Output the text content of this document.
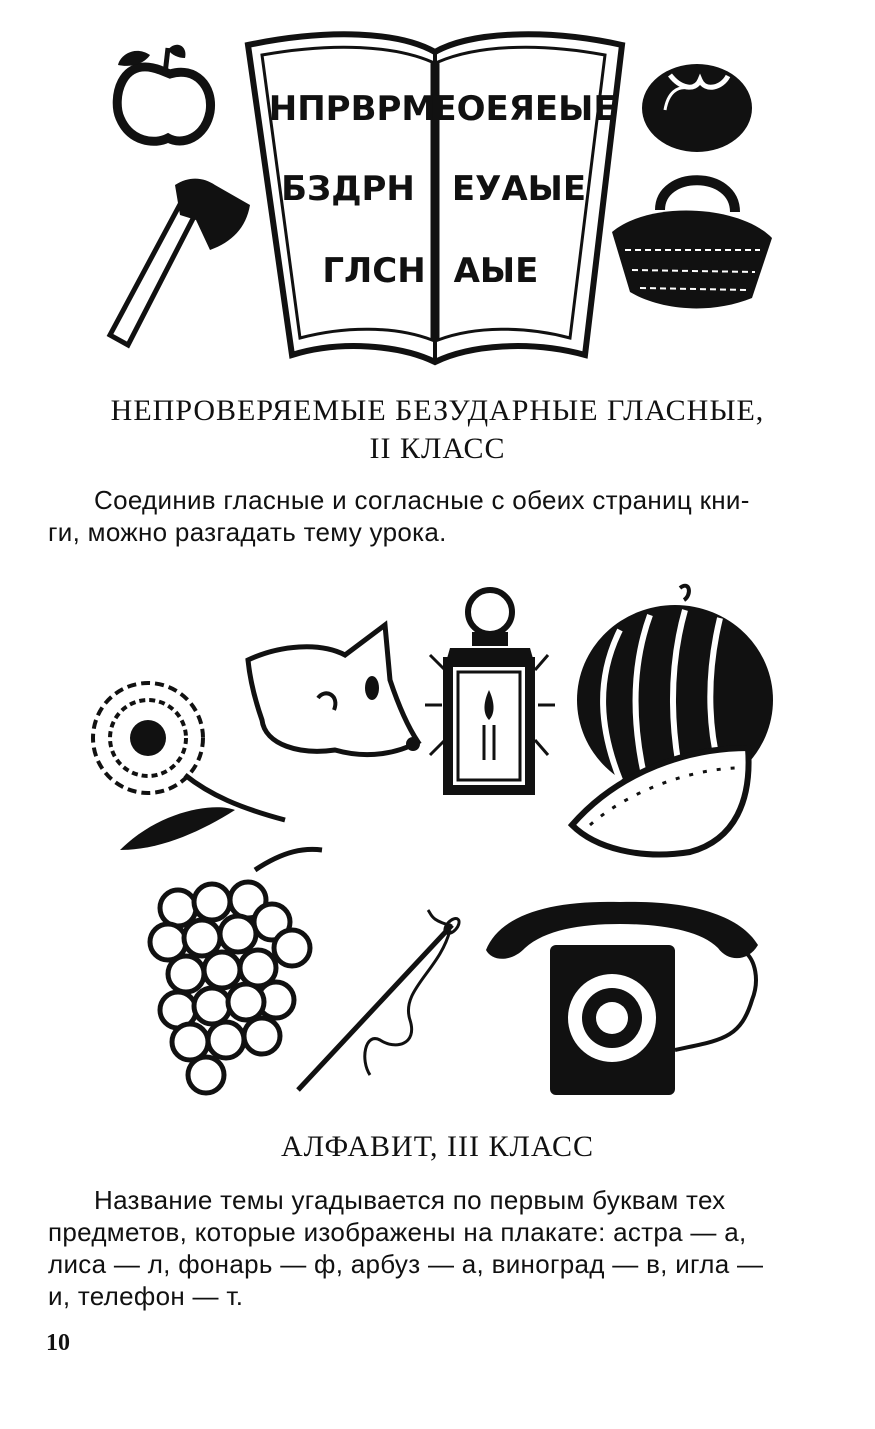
НПРВРМ
БЗДРН
ГЛСН
ЕОЕЯЕЫЕ
ЕУАЫЕ
АЫЕ
НЕПРОВЕРЯЕМЫЕ БЕЗУДАРНЫЕ ГЛАСНЫЕ,
II КЛАСС
Соединив гласные и согласные с обеих страниц кни-
ги, можно разгадать тему урока.
АЛФАВИТ, III КЛАСС
Название темы угадывается по первым буквам тех
предметов, которые изображены на плакате: астра — а,
лиса — л, фонарь — ф, арбуз — а, виноград — в, игла —
и, телефон — т.
10
